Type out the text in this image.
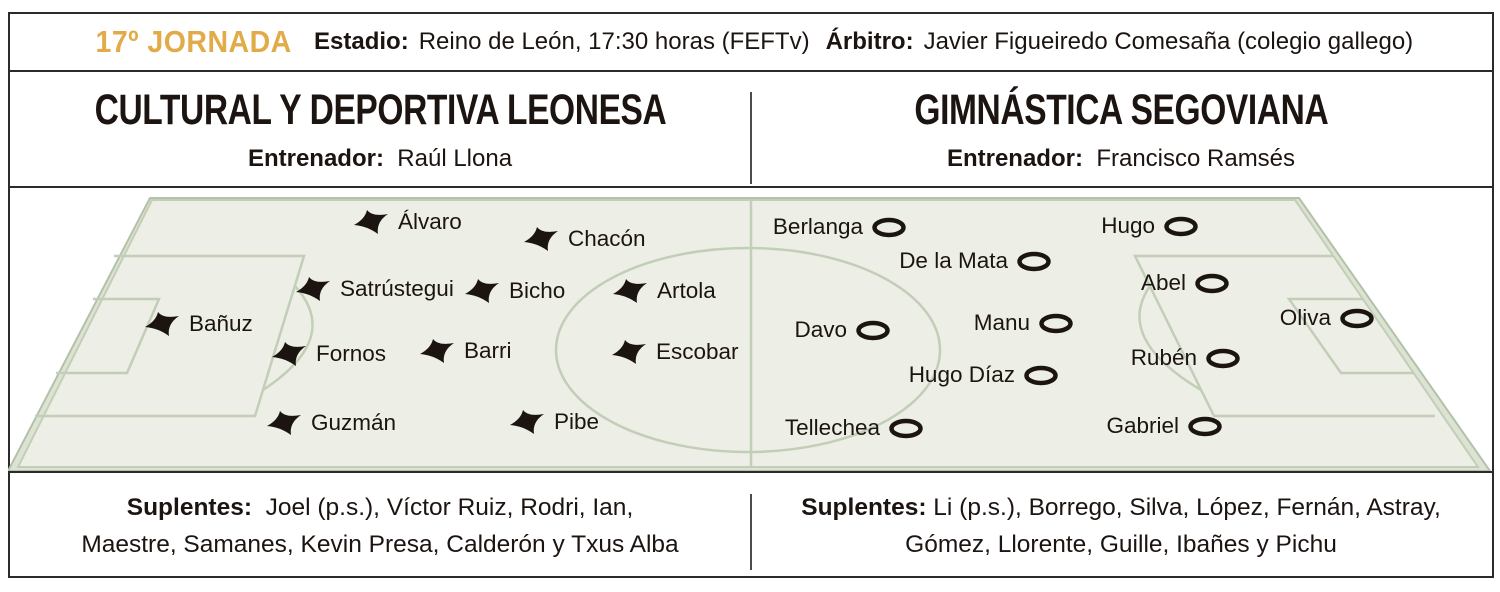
17º JORNADA Estadio: Reino de León, 17:30 horas (FEFTv) Árbitro: Javier Figueiredo Comesaña (colegio gallego)
CULTURAL Y DEPORTIVA LEONESA
Entrenador: Raúl Llona
GIMNÁSTICA SEGOVIANA
Entrenador: Francisco Ramsés
Bañuz
Álvaro
Chacón
Satrústegui Bicho	Artola
Fornos	Barri	Escobar
Guzmán	Pibe
Berlanga	Hugo
De la Mata
Abel
Davo	Manu	Oliva
Hugo Díaz
Rubén
Tellechea	Gabriel
Suplentes: Joel (p.s.), Víctor Ruiz, Rodri, Ian,
Maestre, Samanes, Kevin Presa, Calderón y Txus Alba
Suplentes: Li (p.s.), Borrego, Silva, López, Fernán, Astray,
Gómez, Llorente, Guille, Ibañes y Pichu
